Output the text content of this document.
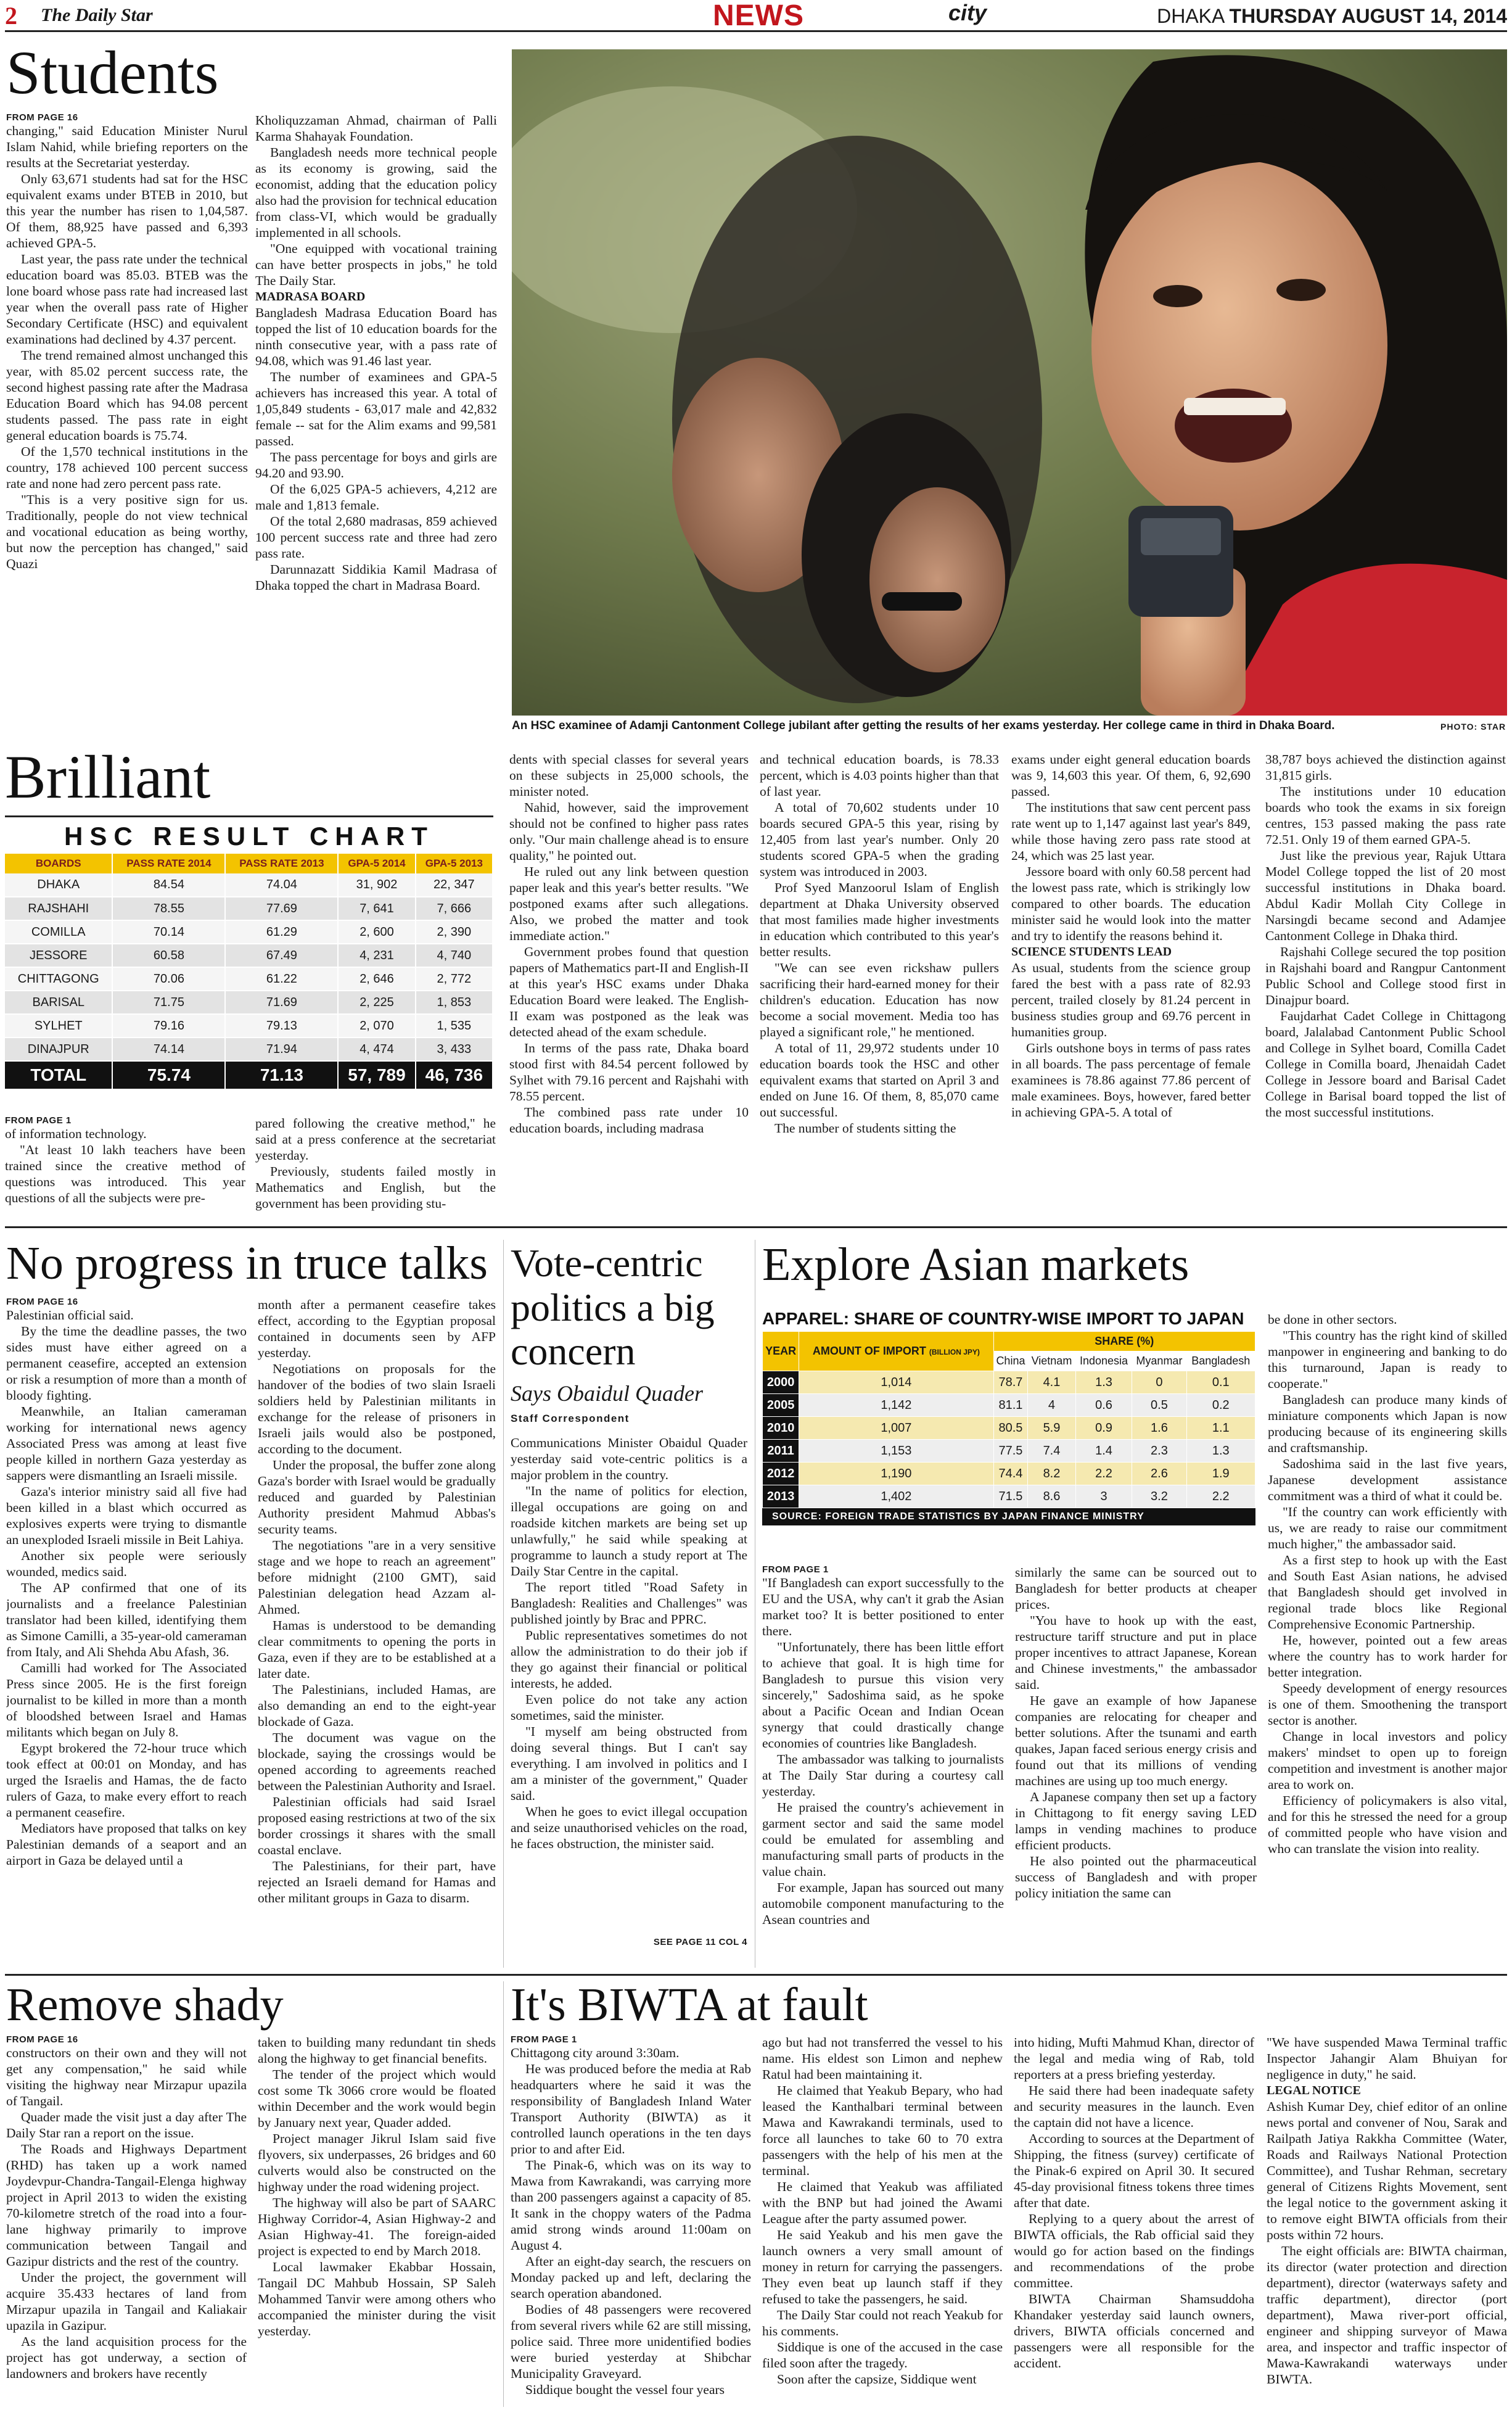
2 The Daily Star	NEWS	city	DHAKA THURSDAY AUGUST 14, 2014
Students
FROM PAGE 16

changing," said Education Minister Nurul Islam Nahid, while briefing reporters on the results at the Secretariat yesterday.

Only 63,671 students had sat for the HSC equivalent exams under BTEB in 2010, but this year the number has risen to 1,04,587. Of them, 88,925 have passed and 6,393 achieved GPA-5.

Last year, the pass rate under the technical education board was 85.03. BTEB was the lone board whose pass rate had increased last year when the overall pass rate of Higher Secondary Certificate (HSC) and equivalent examinations had declined by 4.37 percent.

The trend remained almost unchanged this year, with 85.02 percent success rate, the second highest passing rate after the Madrasa Education Board which has 94.08 percent students passed. The pass rate in eight general education boards is 75.74.

Of the 1,570 technical institutions in the country, 178 achieved 100 percent success rate and none had zero percent pass rate.

"This is a very positive sign for us. Traditionally, people do not view technical and vocational education as being worthy, but now the perception has changed," said Quazi

Kholiquzzaman Ahmad, chairman of Palli Karma Shahayak Foundation.

Bangladesh needs more technical people as its economy is growing, said the economist, adding that the education policy also had the provision for technical education from class-VI, which would be gradually implemented in all schools.

"One equipped with vocational training can have better prospects in jobs," he told The Daily Star.

MADRASA BOARD

Bangladesh Madrasa Education Board has topped the list of 10 education boards for the ninth consecutive year, with a pass rate of 94.08, which was 91.46 last year.

The number of examinees and GPA-5 achievers has increased this year. A total of 1,05,849 students - 63,017 male and 42,832 female -- sat for the Alim exams and 99,581 passed.

The pass percentage for boys and girls are 94.20 and 93.90.

Of the 6,025 GPA-5 achievers, 4,212 are male and 1,813 female.

Of the total 2,680 madrasas, 859 achieved 100 percent success rate and three had zero pass rate.

Darunnazatt Siddikia Kamil Madrasa of Dhaka topped the chart in Madrasa Board.

An HSC examinee of Adamji Cantonment College jubilant after getting the results of her exams yesterday. Her college came in third in Dhaka Board.	PHOTO: STAR
Brilliant
HSC RESULT CHART
BOARDS	PASS RATE 2014	PASS RATE 2013	GPA-5 2014	GPA-5 2013
DHAKA	84.54	74.04	31, 902	22, 347
RAJSHAHI	78.55	77.69	7, 641	7, 666
COMILLA	70.14	61.29	2, 600	2, 390
JESSORE	60.58	67.49	4, 231	4, 740
CHITTAGONG	70.06	61.22	2, 646	2, 772
BARISAL	71.75	71.69	2, 225	1, 853
SYLHET	79.16	79.13	2, 070	1, 535
DINAJPUR	74.14	71.94	4, 474	3, 433
TOTAL	75.74	71.13	57, 789	46, 736
FROM PAGE 1

of information technology.

"At least 10 lakh teachers have been trained since the creative method of questions was introduced. This year questions of all the subjects were pre-

pared following the creative method," he said at a press conference at the secretariat yesterday.

Previously, students failed mostly in Mathematics and English, but the government has been providing stu-

dents with special classes for several years on these subjects in 25,000 schools, the minister noted.

Nahid, however, said the improvement should not be confined to higher pass rates only. "Our main challenge ahead is to ensure quality," he pointed out.

He ruled out any link between question paper leak and this year's better results. "We postponed exams after such allegations. Also, we probed the matter and took immediate action."

Government probes found that question papers of Mathematics part-II and English-II at this year's HSC exams under Dhaka Education Board were leaked. The English-II exam was postponed as the leak was detected ahead of the exam schedule.

In terms of the pass rate, Dhaka board stood first with 84.54 percent followed by Sylhet with 79.16 percent and Rajshahi with 78.55 percent.

The combined pass rate under 10 education boards, including madrasa

and technical education boards, is 78.33 percent, which is 4.03 points higher than that of last year.

A total of 70,602 students under 10 boards secured GPA-5 this year, rising by 12,405 from last year's number. Only 20 students scored GPA-5 when the grading system was introduced in 2003.

Prof Syed Manzoorul Islam of English department at Dhaka University observed that most families made higher investments in education which contributed to this year's better results.

"We can see even rickshaw pullers sacrificing their hard-earned money for their children's education. Education has now become a social movement. Media too has played a significant role," he mentioned.

A total of 11, 29,972 students under 10 education boards took the HSC and other equivalent exams that started on April 3 and ended on June 16. Of them, 8, 85,070 came out successful.

The number of students sitting the

exams under eight general education boards was 9, 14,603 this year. Of them, 6, 92,690 passed.

The institutions that saw cent percent pass rate went up to 1,147 against last year's 849, while those having zero pass rate stood at 24, which was 25 last year.

Jessore board with only 60.58 percent had the lowest pass rate, which is strikingly low compared to other boards. The education minister said he would look into the matter and try to identify the reasons behind it.

SCIENCE STUDENTS LEAD

As usual, students from the science group fared the best with a pass rate of 82.93 percent, trailed closely by 81.24 percent in business studies group and 69.76 percent in humanities group.

Girls outshone boys in terms of pass rates in all boards. The pass percentage of female examinees is 78.86 against 77.86 percent of male examinees. Boys, however, fared better in achieving GPA-5. A total of

38,787 boys achieved the distinction against 31,815 girls.

The institutions under 10 education boards who took the exams in six foreign centres, 153 passed making the pass rate 72.51. Only 19 of them earned GPA-5.

Just like the previous year, Rajuk Uttara Model College topped the list of 20 most successful institutions in Dhaka board. Abdul Kadir Mollah City College in Narsingdi became second and Adamjee Cantonment College in Dhaka third.

Rajshahi College secured the top position in Rajshahi board and Rangpur Cantonment Public School and College stood first in Dinajpur board.

Faujdarhat Cadet College in Chittagong board, Jalalabad Cantonment Public School and College in Sylhet board, Comilla Cadet College in Comilla board, Jhenaidah Cadet College in Jessore board and Barisal Cadet College in Barisal board topped the list of the most successful institutions.

No progress in truce talks
FROM PAGE 16

Palestinian official said.

By the time the deadline passes, the two sides must have either agreed on a permanent ceasefire, accepted an extension or risk a resumption of more than a month of bloody fighting.

Meanwhile, an Italian cameraman working for international news agency Associated Press was among at least five people killed in northern Gaza yesterday as sappers were dismantling an Israeli missile.

Gaza's interior ministry said all five had been killed in a blast which occurred as explosives experts were trying to dismantle an unexploded Israeli missile in Beit Lahiya.

Another six people were seriously wounded, medics said.

The AP confirmed that one of its journalists and a freelance Palestinian translator had been killed, identifying them as Simone Camilli, a 35-year-old cameraman from Italy, and Ali Shehda Abu Afash, 36.

Camilli had worked for The Associated Press since 2005. He is the first foreign journalist to be killed in more than a month of bloodshed between Israel and Hamas militants which began on July 8.

Egypt brokered the 72-hour truce which took effect at 00:01 on Monday, and has urged the Israelis and Hamas, the de facto rulers of Gaza, to make every effort to reach a permanent ceasefire.

Mediators have proposed that talks on key Palestinian demands of a seaport and an airport in Gaza be delayed until a

month after a permanent ceasefire takes effect, according to the Egyptian proposal contained in documents seen by AFP yesterday.

Negotiations on proposals for the handover of the bodies of two slain Israeli soldiers held by Palestinian militants in exchange for the release of prisoners in Israeli jails would also be postponed, according to the document.

Under the proposal, the buffer zone along Gaza's border with Israel would be gradually reduced and guarded by Palestinian Authority president Mahmud Abbas's security teams.

The negotiations "are in a very sensitive stage and we hope to reach an agreement" before midnight (2100 GMT), said Palestinian delegation head Azzam al-Ahmed.

Hamas is understood to be demanding clear commitments to opening the ports in Gaza, even if they are to be established at a later date.

The Palestinians, included Hamas, are also demanding an end to the eight-year blockade of Gaza.

The document was vague on the blockade, saying the crossings would be opened according to agreements reached between the Palestinian Authority and Israel.

Palestinian officials had said Israel proposed easing restrictions at two of the six border crossings it shares with the small coastal enclave.

The Palestinians, for their part, have rejected an Israeli demand for Hamas and other militant groups in Gaza to disarm.

Vote-centric politics a big concern
Says Obaidul Quader
Staff Correspondent

Communications Minister Obaidul Quader yesterday said vote-centric politics is a major problem in the country.

"In the name of politics for election, illegal occupations are going on and roadside kitchen markets are being set up unlawfully," he said while speaking at programme to launch a study report at The Daily Star Centre in the capital.

The report titled "Road Safety in Bangladesh: Realities and Challenges" was published jointly by Brac and PPRC.

Public representatives sometimes do not allow the administration to do their job if they go against their financial or political interests, he added.

Even police do not take any action sometimes, said the minister.

"I myself am being obstructed from doing several things. But I can't say everything. I am involved in politics and I am a minister of the government," Quader said.

When he goes to evict illegal occupation and seize unauthorised vehicles on the road, he faces obstruction, the minister said.

SEE PAGE 11 COL 4
Explore Asian markets
APPAREL: SHARE OF COUNTRY-WISE IMPORT TO JAPAN
YEAR	AMOUNT OF IMPORT (BILLION JPY)	SHARE (%)				
		China	Vietnam	Indonesia	Myanmar	Bangladesh
2000	1,014	78.7	4.1	1.3	0	0.1
2005	1,142	81.1	4	0.6	0.5	0.2
2010	1,007	80.5	5.9	0.9	1.6	1.1
2011	1,153	77.5	7.4	1.4	2.3	1.3
2012	1,190	74.4	8.2	2.2	2.6	1.9
2013	1,402	71.5	8.6	3	3.2	2.2
SOURCE: FOREIGN TRADE STATISTICS BY JAPAN FINANCE MINISTRY
FROM PAGE 1

"If Bangladesh can export successfully to the EU and the USA, why can't it grab the Asian market too? It is better positioned to enter there.

"Unfortunately, there has been little effort to achieve that goal. It is high time for Bangladesh to pursue this vision very sincerely," Sadoshima said, as he spoke about a Pacific Ocean and Indian Ocean synergy that could drastically change economies of countries like Bangladesh.

The ambassador was talking to journalists at The Daily Star during a courtesy call yesterday.

He praised the country's achievement in garment sector and said the same model could be emulated for assembling and manufacturing small parts of products in the value chain.

For example, Japan has sourced out many automobile component manufacturing to the Asean countries and

similarly the same can be sourced out to Bangladesh for better products at cheaper prices.

"You have to hook up with the east, restructure tariff structure and put in place proper incentives to attract Japanese, Korean and Chinese investments," the ambassador said.

He gave an example of how Japanese companies are relocating for cheaper and better solutions. After the tsunami and earth quakes, Japan faced serious energy crisis and found out that its millions of vending machines are using up too much energy.

A Japanese company then set up a factory in Chittagong to fit energy saving LED lamps in vending machines to produce efficient products.

He also pointed out the pharmaceutical success of Bangladesh and with proper policy initiation the same can

be done in other sectors.

"This country has the right kind of skilled manpower in engineering and banking to do this turnaround, Japan is ready to cooperate."

Bangladesh can produce many kinds of miniature components which Japan is now producing because of its engineering skills and craftsmanship.

Sadoshima said in the last five years, Japanese development assistance commitment was a third of what it could be.

"If the country can work efficiently with us, we are ready to raise our commitment much higher," the ambassador said.

As a first step to hook up with the East and South East Asian nations, he advised that Bangladesh should get involved in regional trade blocs like Regional Comprehensive Economic Partnership.

He, however, pointed out a few areas where the country has to work harder for better integration.

Speedy development of energy resources is one of them. Smoothening the transport sector is another.

Change in local investors and policy makers' mindset to open up to foreign competition and investment is another major area to work on.

Efficiency of policymakers is also vital, and for this he stressed the need for a group of committed people who have vision and who can translate the vision into reality.

Remove shady
FROM PAGE 16

constructors on their own and they will not get any compensation," he said while visiting the highway near Mirzapur upazila of Tangail.

Quader made the visit just a day after The Daily Star ran a report on the issue.

The Roads and Highways Department (RHD) has taken up a work named Joydevpur-Chandra-Tangail-Elenga highway project in April 2013 to widen the existing 70-kilometre stretch of the road into a four-lane highway primarily to improve communication between Tangail and Gazipur districts and the rest of the country.

Under the project, the government will acquire 35.433 hectares of land from Mirzapur upazila in Tangail and Kaliakair upazila in Gazipur.

As the land acquisition process for the project has got underway, a section of landowners and brokers have recently

taken to building many redundant tin sheds along the highway to get financial benefits.

The tender of the project which would cost some Tk 3066 crore would be floated within December and the work would begin by January next year, Quader added.

Project manager Jikrul Islam said five flyovers, six underpasses, 26 bridges and 60 culverts would also be constructed on the highway under the road widening project.

The highway will also be part of SAARC Highway Corridor-4, Asian Highway-2 and Asian Highway-41. The foreign-aided project is expected to end by March 2018.

Local lawmaker Ekabbar Hossain, Tangail DC Mahbub Hossain, SP Saleh Mohammed Tanvir were among others who accompanied the minister during the visit yesterday.

It's BIWTA at fault
FROM PAGE 1

Chittagong city around 3:30am.

He was produced before the media at Rab headquarters where he said it was the responsibility of Bangladesh Inland Water Transport Authority (BIWTA) as it controlled launch operations in the ten days prior to and after Eid.

The Pinak-6, which was on its way to Mawa from Kawrakandi, was carrying more than 200 passengers against a capacity of 85. It sank in the choppy waters of the Padma amid strong winds around 11:00am on August 4.

After an eight-day search, the rescuers on Monday packed up and left, declaring the search operation abandoned.

Bodies of 48 passengers were recovered from several rivers while 62 are still missing, police said. Three more unidentified bodies were buried yesterday at Shibchar Municipality Graveyard.

Siddique bought the vessel four years

ago but had not transferred the vessel to his name. His eldest son Limon and nephew Ratul had been maintaining it.

He claimed that Yeakub Bepary, who had leased the Kanthalbari terminal between Mawa and Kawrakandi terminals, used to force all launches to take 60 to 70 extra passengers with the help of his men at the terminal.

He claimed that Yeakub was affiliated with the BNP but had joined the Awami League after the party assumed power.

He said Yeakub and his men gave the launch owners a very small amount of money in return for carrying the passengers. They even beat up launch staff if they refused to take the passengers, he said.

The Daily Star could not reach Yeakub for his comments.

Siddique is one of the accused in the case filed soon after the tragedy.

Soon after the capsize, Siddique went

into hiding, Mufti Mahmud Khan, director of the legal and media wing of Rab, told reporters at a press briefing yesterday.

He said there had been inadequate safety and security measures in the launch. Even the captain did not have a licence.

According to sources at the Department of Shipping, the fitness (survey) certificate of the Pinak-6 expired on April 30. It secured 45-day provisional fitness tokens three times after that date.

Replying to a query about the arrest of BIWTA officials, the Rab official said they would go for action based on the findings and recommendations of the probe committee.

BIWTA Chairman Shamsuddoha Khandaker yesterday said launch owners, drivers, BIWTA officials concerned and passengers were all responsible for the accident.

"We have suspended Mawa Terminal traffic Inspector Jahangir Alam Bhuiyan for negligence in duty," he said.

LEGAL NOTICE

Ashish Kumar Dey, chief editor of an online news portal and convener of Nou, Sarak and Railpath Jatiya Rakkha Committee (Water, Roads and Railways National Protection Committee), and Tushar Rehman, secretary general of Citizens Rights Movement, sent the legal notice to the government asking it to remove eight BIWTA officials from their posts within 72 hours.

The eight officials are: BIWTA chairman, its director (water protection and direction department), director (waterways safety and traffic department), director (port department), Mawa river-port official, engineer and shipping surveyor of Mawa area, and inspector and traffic inspector of Mawa-Kawrakandi waterways under BIWTA.
